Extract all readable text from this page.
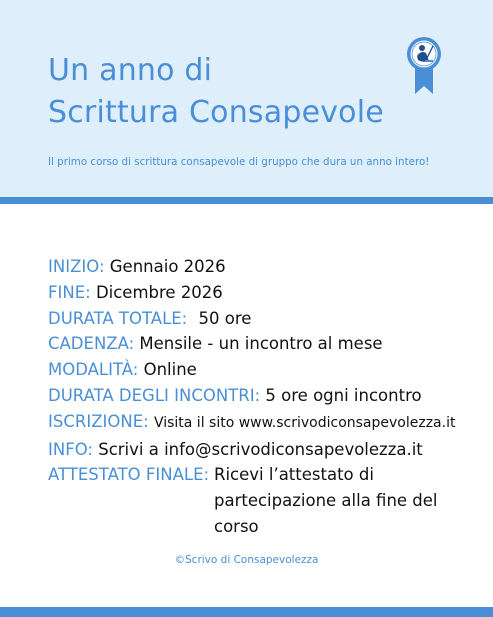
Un anno di
Scrittura Consapevole
Il primo corso di scrittura consapevole di gruppo che dura un anno intero!
INIZIO: Gennaio 2026
FINE: Dicembre 2026
DURATA TOTALE: 50 ore
CADENZA: Mensile - un incontro al mese
MODALITÀ: Online
DURATA DEGLI INCONTRI: 5 ore ogni incontro
ISCRIZIONE: Visita il sito www.scrivodiconsapevolezza.it
INFO: Scrivi a info@scrivodiconsapevolezza.it
ATTESTATO FINALE: Ricevi l’attestato di partecipazione alla fine del corso
©Scrivo di Consapevolezza
